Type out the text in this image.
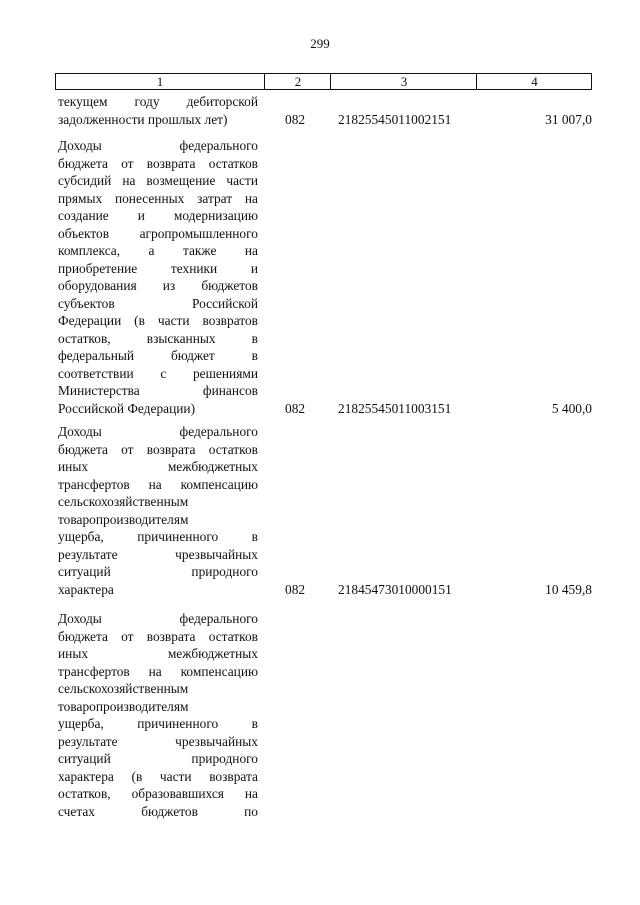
299
1	2	3	4
текущем году дебиторской
задолженности прошлых лет)	082 21825545011002151	31 007,0
Доходы федерального
бюджета от возврата остатков
субсидий на возмещение части
прямых понесенных затрат на
создание и модернизацию
объектов агропромышленного
комплекса, а также на
приобретение техники и
оборудования из бюджетов
субъектов Российской
Федерации (в части возвратов
остатков, взысканных в
федеральный бюджет в
соответствии с решениями
Министерства финансов
Российской Федерации)	082 21825545011003151	5 400,0
Доходы федерального
бюджета от возврата остатков
иных межбюджетных
трансфертов на компенсацию
сельскохозяйственным
товаропроизводителям
ущерба, причиненного в
результате чрезвычайных
ситуаций природного
характера	082 21845473010000151	10 459,8
Доходы федерального
бюджета от возврата остатков
иных межбюджетных
трансфертов на компенсацию
сельскохозяйственным
товаропроизводителям
ущерба, причиненного в
результате чрезвычайных
ситуаций природного
характера (в части возврата
остатков, образовавшихся на
счетах бюджетов по
